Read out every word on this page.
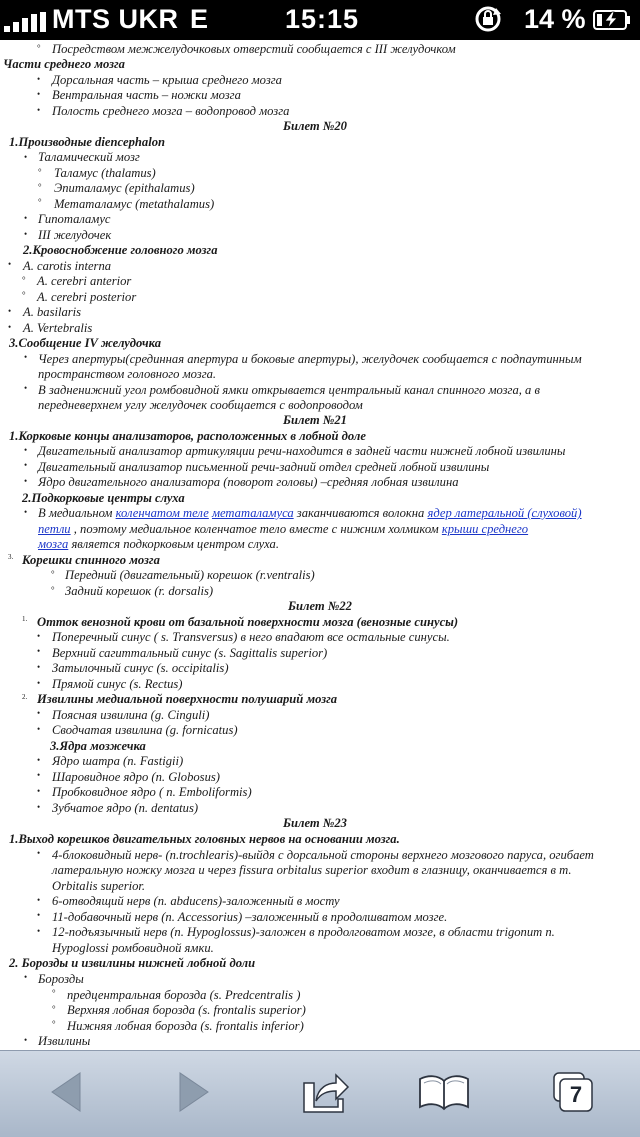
MTS UKR E	15:15	14 %
° Посредством межжелудочковых отверстий сообщается с III желудочком
Части среднего мозга
• Дорсальная часть – крыша среднего мозга
• Вентральная часть – ножки мозга
• Полость среднего мозга – водопровод мозга
Билет №20
1.Производные diencephalon
• Таламический мозг
° Таламус (thalamus)
° Эпиталамус (epithalamus)
° Метаталамус (metathalamus)
• Гипоталамус
• III желудочек
2.Кровоснобжение головного мозга
• A. carotis interna
° A. cerebri anterior
° A. cerebri posterior
• A. basilaris
• A. Vertebralis
3.Сообщение IV желудочка
• Через апертуры(срединная апертура и боковые апертуры), желудочек сообщается с подпаутинным
пространством головного мозга.
• В задненижний угол ромбовидной ямки открывается центральный канал спинного мозга, а в
передневерхнем углу желудочек сообщается с водопроводом
Билет №21
1.Корковые концы анализаторов, расположенных в лобной доле
• Двигательный анализатор артикуляции речи-находится в задней части нижней лобной извилины
• Двигательный анализатор письменной речи-задний отдел средней лобной извилины
• Ядро двигательного анализатора (поворот головы) –средняя лобная извилина
2.Подкорковые центры слуха
• В медиальном коленчатом теле метаталамуса заканчиваются волокна ядер латеральной (слуховой)
петли , поэтому медиальное коленчатое тело вместе с нижним холмиком крыши среднего
мозга является подкорковым центром слуха.
3. Корешки спинного мозга
° Передний (двигательный) корешок (r.ventralis)
° Задний корешок (r. dorsalis)
Билет №22
1. Отток венозной крови от базальной поверхности мозга (венозные синусы)
• Поперечный синус ( s. Transversus) в него впадают все остальные синусы.
• Верхний сагиттальный синус (s. Sagittalis superior)
• Затылочный синус (s. occipitalis)
• Прямой синус (s. Rectus)
2. Извилины медиальной поверхности полушарий мозга
• Поясная извилина (g. Cinguli)
• Сводчатая извилина (g. fornicatus)
3.Ядра мозжечка
• Ядро шатра (n. Fastigii)
• Шаровидное ядро (n. Globosus)
• Пробковидное ядро ( n. Emboliformis)
• Зубчатое ядро (n. dentatus)
Билет №23
1.Выход корешков двигательных головных нервов на основании мозга.
• 4-блоковидный нерв- (n.trochlearis)-выйдя с дорсальной стороны верхнего мозгового паруса, огибает
латеральную ножку мозга и через fissura orbitalus superior входит в глазницу, оканчивается в т.
Orbitalis superior.
• 6-отводящий нерв (n. abducens)-заложенный в мосту
• 11-добавочный нерв (n. Accessorius) –заложенный в продолшватом мозге.
• 12-подъязычный нерв (n. Hypoglossus)-заложен в продолговатом мозге, в области trigonит n.
Hypoglossi ромбовидной ямки.
2. Борозды и извилины нижней лобной доли
• Борозды
° предцентральная борозда (s. Predcentralis )
° Верхняя лобная борозда (s. frontalis superior)
° Нижняя лобная борозда (s. frontalis inferior)
• Извилины
7
